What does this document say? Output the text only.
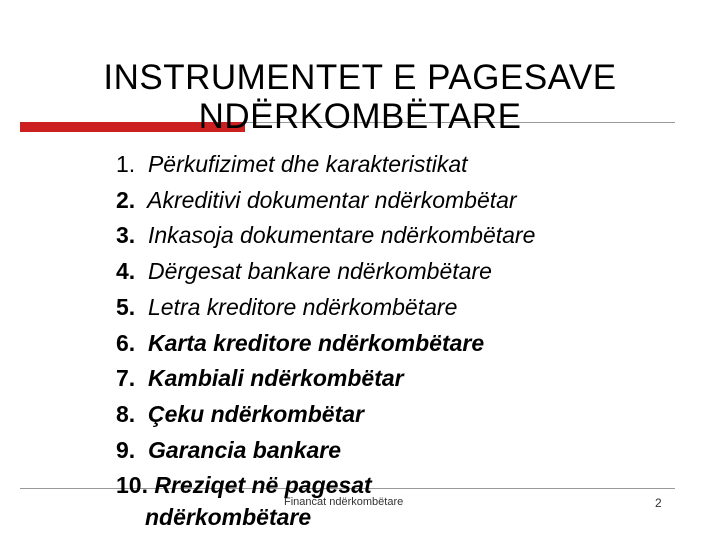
INSTRUMENTET E PAGESAVE
NDËRKOMBËTARE
1. Përkufizimet dhe karakteristikat
2. Akreditivi dokumentar ndërkombëtar
3. Inkasoja dokumentare ndërkombëtare
4. Dërgesat bankare ndërkombëtare
5. Letra kreditore ndërkombëtare
6. Karta kreditore ndërkombëtare
7. Kambiali ndërkombëtar
8. Çeku ndërkombëtar
9. Garancia bankare
10. Rreziqet në pagesat
Financat ndërkombëtare	2
ndërkombëtare
